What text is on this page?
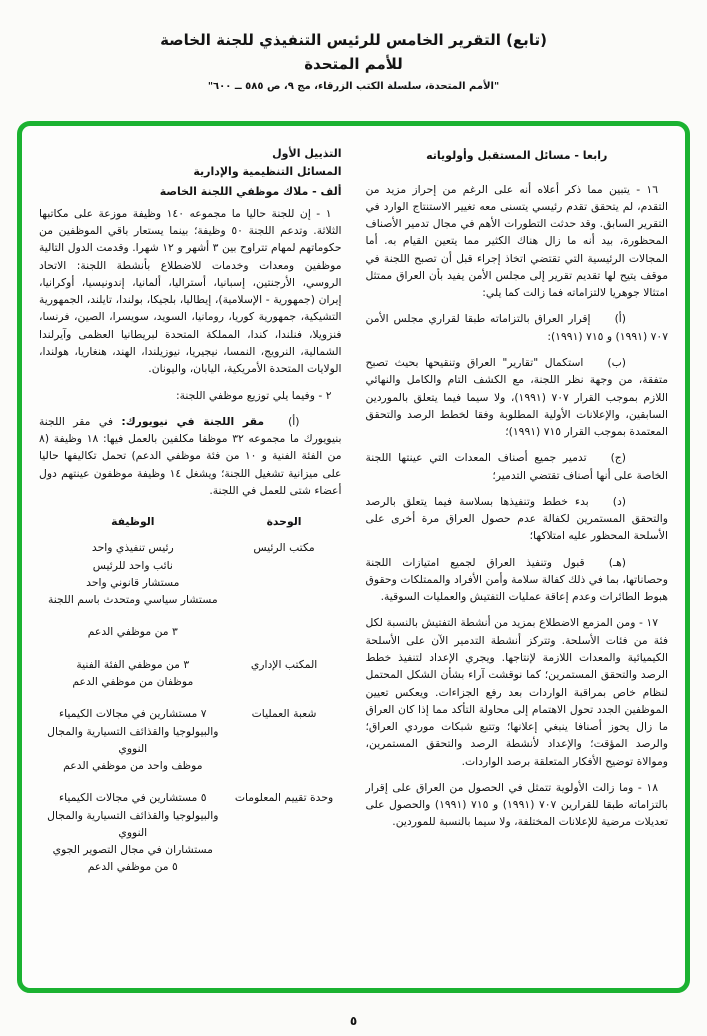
(تابع) التقرير الخامس للرئيس التنفيذي للجنة الخاصة
للأمم المتحدة
"الأمم المتحدة، سلسلة الكتب الزرقاء، مج ٩، ص ٥٨٥ ــ ٦٠٠"
رابعا - مسائل المستقبل وأولوياته

١٦ - يتبين مما ذكر أعلاه أنه على الرغم من إحراز مزيد من التقدم، لم يتحقق تقدم رئيسي يتسنى معه تغيير الاستنتاج الوارد في التقرير السابق. وقد حدثت التطورات الأهم في مجال تدمير الأصناف المحظورة، بيد أنه ما زال هناك الكثير مما يتعين القيام به. أما المجالات الرئيسية التي تقتضي اتخاذ إجراء قبل أن تصبح اللجنة في موقف يتيح لها تقديم تقرير إلى مجلس الأمن يفيد بأن العراق ممتثل امتثالا جوهريا لالتزاماته فما زالت كما يلي:

(أ)إقرار العراق بالتزاماته طبقا لقراري مجلس الأمن ٧٠٧ (١٩٩١) و ٧١٥ (١٩٩١):

(ب)استكمال "تقارير" العراق وتنقيحها بحيث تصبح متفقة، من وجهة نظر اللجنة، مع الكشف التام والكامل والنهائي اللازم بموجب القرار ٧٠٧ (١٩٩١)، ولا سيما فيما يتعلق بالموردين السابقين، والإعلانات الأولية المطلوبة وفقا لخطط الرصد والتحقق المعتمدة بموجب القرار ٧١٥ (١٩٩١)؛

(ج)تدمير جميع أصناف المعدات التي عينتها اللجنة الخاصة على أنها أصناف تقتضي التدمير؛

(د)بدء خطط وتنفيذها بسلاسة فيما يتعلق بالرصد والتحقق المستمرين لكفالة عدم حصول العراق مرة أخرى على الأسلحة المحظور عليه امتلاكها؛

(هـ)قبول وتنفيذ العراق لجميع امتيازات اللجنة وحصاناتها، بما في ذلك كفالة سلامة وأمن الأفراد والممتلكات وحقوق هبوط الطائرات وعدم إعاقة عمليات التفتيش والعمليات السوقية.

١٧ - ومن المزمع الاضطلاع بمزيد من أنشطة التفتيش بالنسبة لكل فئة من فئات الأسلحة. وتتركز أنشطة التدمير الآن على الأسلحة الكيميائية والمعدات اللازمة لإنتاجها. ويجري الإعداد لتنفيذ خطط الرصد والتحقق المستمرين؛ كما نوقشت آراء بشأن الشكل المحتمل لنظام خاص بمراقبة الواردات بعد رفع الجزاءات. ويعكس تعيين الموظفين الجدد تحول الاهتمام إلى محاولة التأكد مما إذا كان العراق ما زال يحوز أصنافا ينبغي إعلانها؛ وتتبع شبكات موردي العراق؛ والرصد المؤقت؛ والإعداد لأنشطة الرصد والتحقق المستمرين، وموالاة توضيح الأفكار المتعلقة برصد الواردات.

١٨ - وما زالت الأولوية تتمثل في الحصول من العراق على إقرار بالتزاماته طبقا للقرارين ٧٠٧ (١٩٩١) و ٧١٥ (١٩٩١) والحصول على تعديلات مرضية للإعلانات المختلفة، ولا سيما بالنسبة للموردين.

التذييل الأول
المسائل التنظيمية والإدارية
ألف - ملاك موظفي اللجنة الخاصة

١ - إن للجنة حاليا ما مجموعه ١٤٠ وظيفة موزعة على مكاتبها الثلاثة. وتدعم اللجنة ٥٠ وظيفة؛ بينما يستعار باقي الموظفين من حكوماتهم لمهام تتراوح بين ٣ أشهر و ١٢ شهرا. وقدمت الدول التالية موظفين ومعدات وخدمات للاضطلاع بأنشطة اللجنة: الاتحاد الروسي، الأرجنتين، إسبانيا، أستراليا، ألمانيا، إندونيسيا، أوكرانيا، إيران (جمهورية - الإسلامية)، إيطاليا، بلجيكا، بولندا، تايلند، الجمهورية التشيكية، جمهورية كوريا، رومانيا، السويد، سويسرا، الصين، فرنسا، فنزويلا، فنلندا، كندا، المملكة المتحدة لبريطانيا العظمى وآيرلندا الشمالية، النرويج، النمسا، نيجيريا، نيوزيلندا، الهند، هنغاريا، هولندا، الولايات المتحدة الأمريكية، اليابان، واليونان.

٢ - وفيما يلي توزيع موظفي اللجنة:

(أ)مقر اللجنة في نيويورك: في مقر اللجنة بنيويورك ما مجموعه ٣٢ موظفا مكلفين بالعمل فيها: ١٨ وظيفة (٨ من الفئة الفنية و ١٠ من فئة موظفي الدعم) تحمل تكاليفها حاليا على ميزانية تشغيل اللجنة؛ ويشغل ١٤ وظيفة موظفون عينتهم دول أعضاء شتى للعمل في اللجنة.

الوحدة
الوظيفة
مكتب الرئيس
رئيس تنفيذي واحد
نائب واحد للرئيس
مستشار قانوني واحد
مستشار سياسي ومتحدث باسم اللجنة
٣ من موظفي الدعم
المكتب الإداري
٣ من موظفي الفئة الفنية
موظفان من موظفي الدعم
شعبة العمليات
٧ مستشارين في مجالات الكيمياء والبيولوجيا والقذائف التسيارية والمجال النووي
موظف واحد من موظفي الدعم
وحدة تقييم المعلومات
٥ مستشارين في مجالات الكيمياء والبيولوجيا والقذائف التسيارية والمجال النووي
مستشاران في مجال التصوير الجوي
٥ من موظفي الدعم
٥
